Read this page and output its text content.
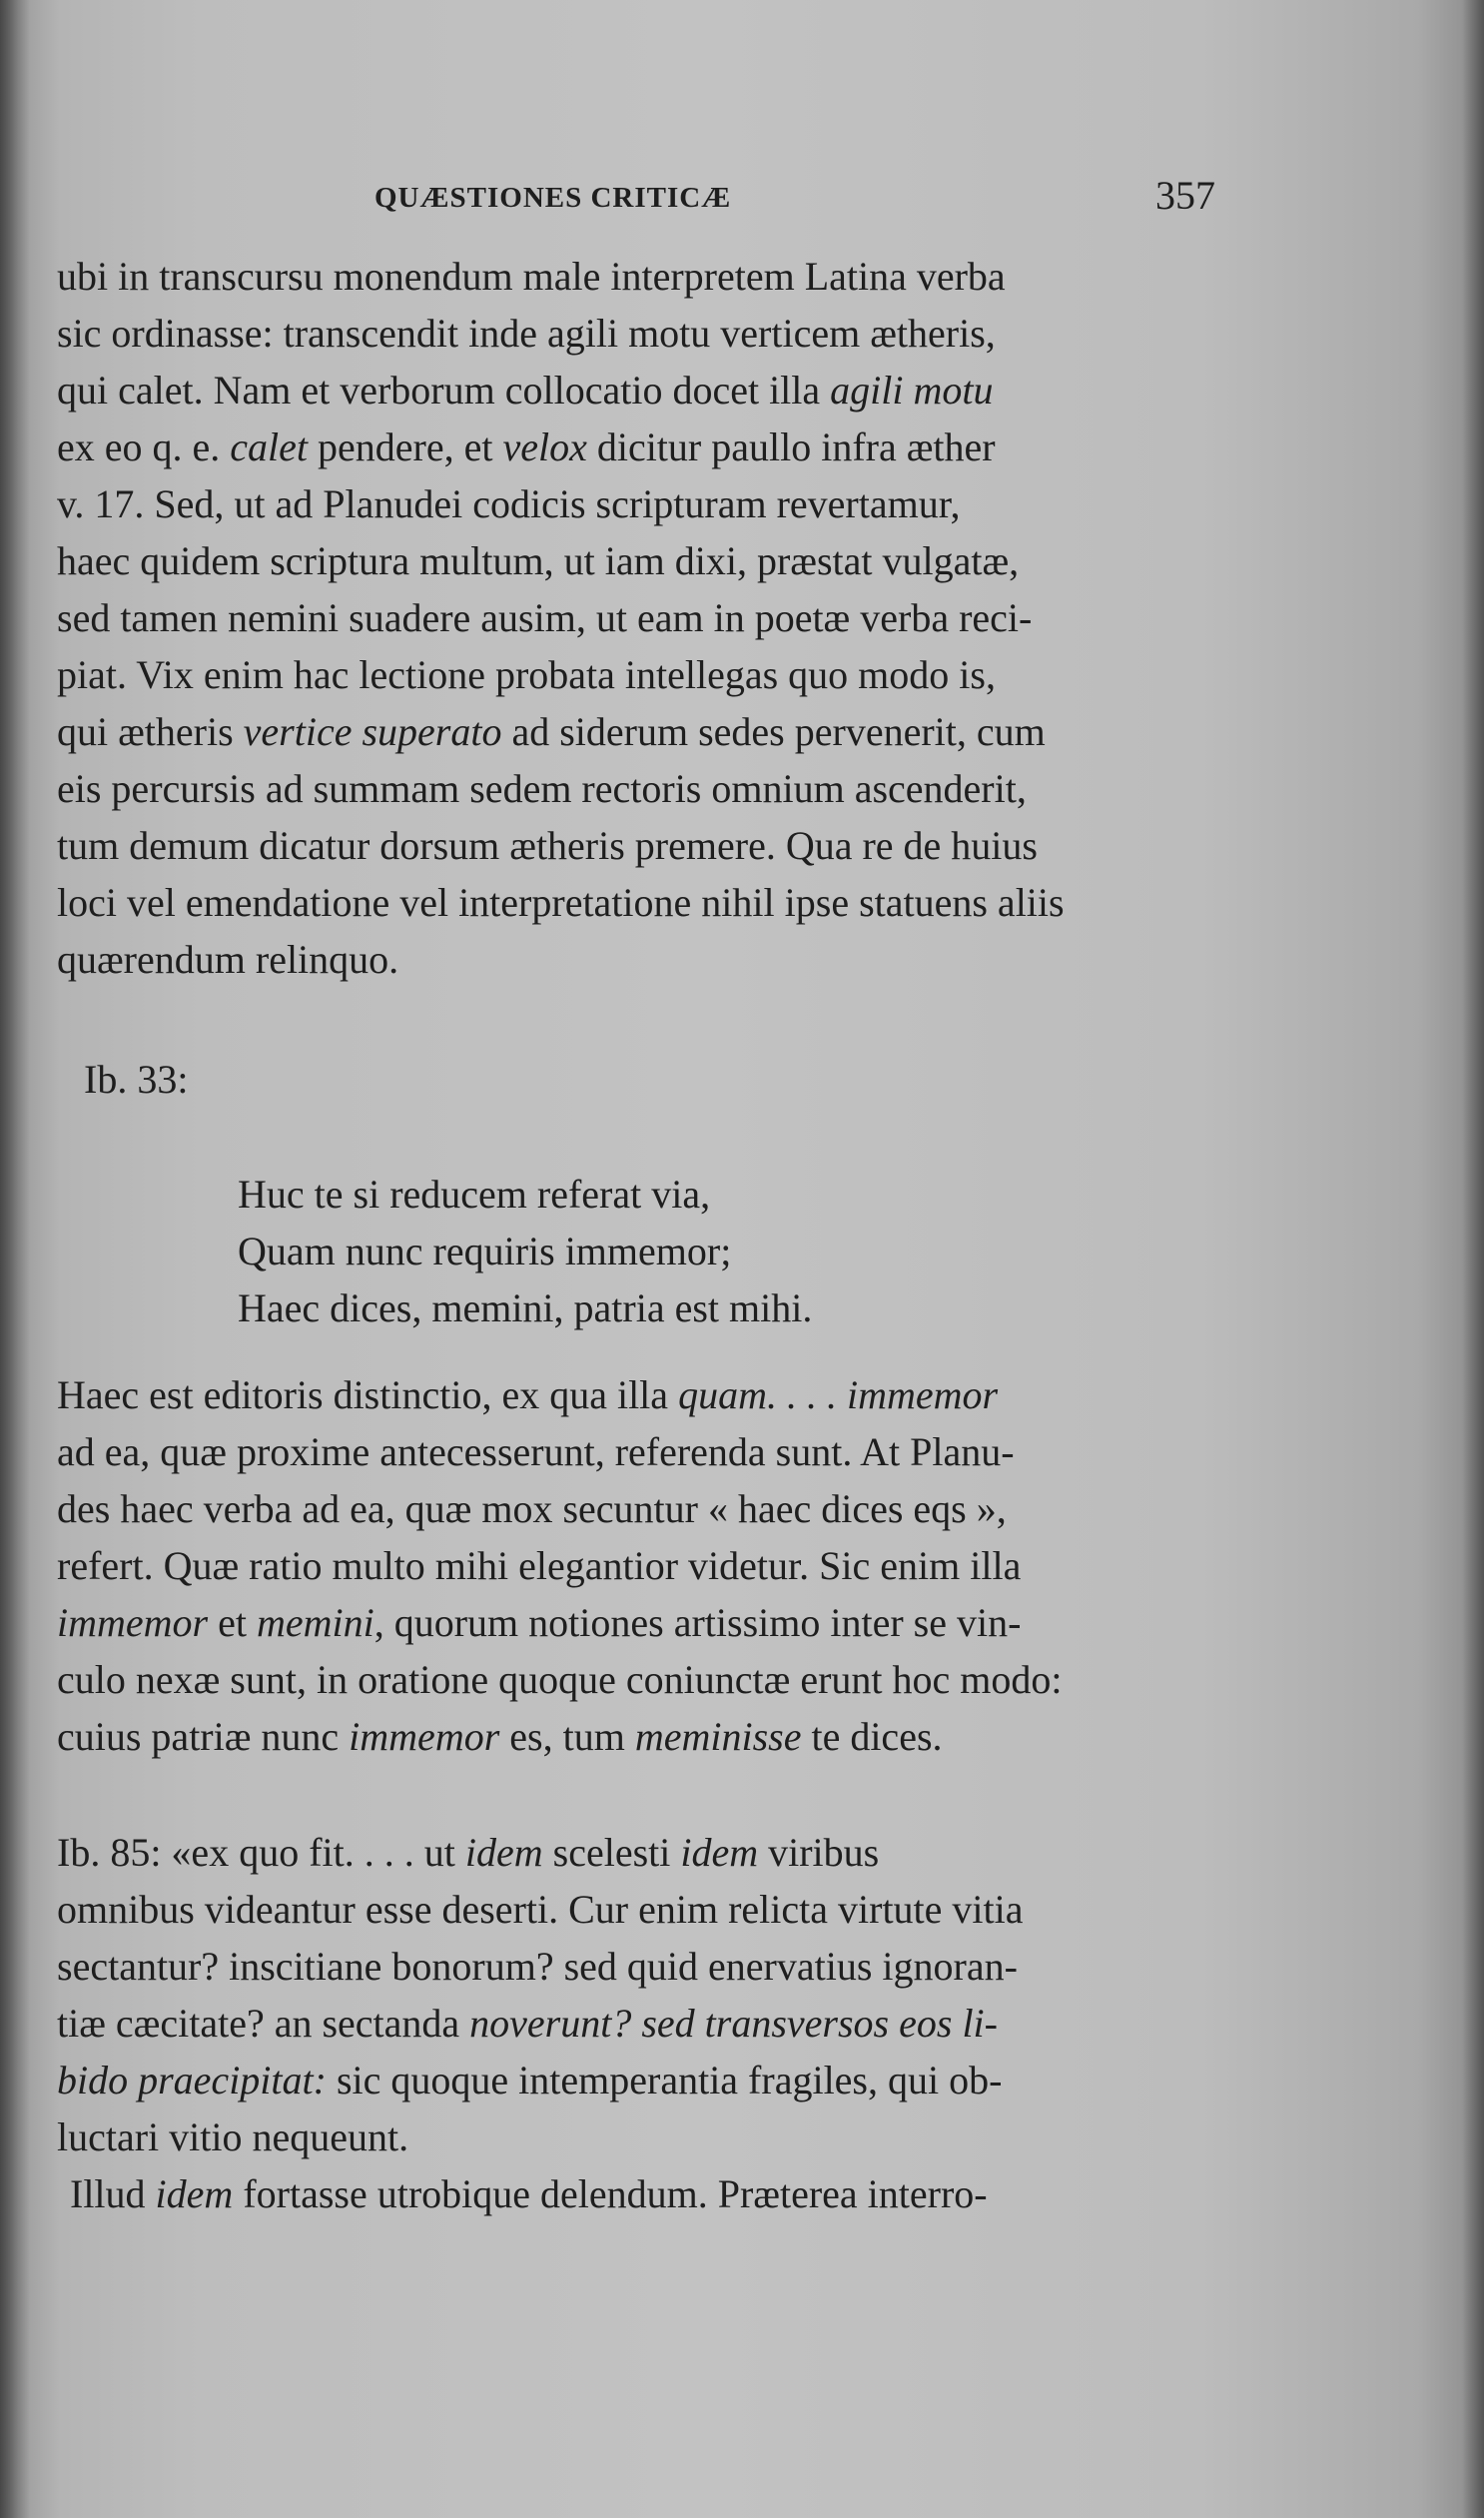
QUÆSTIONES CRITICÆ	357
ubi in transcursu monendum male interpretem Latina verba
sic ordinasse: transcendit inde agili motu verticem ætheris,
qui calet. Nam et verborum collocatio docet illa agili motu
ex eo q. e. calet pendere, et velox dicitur paullo infra æther
v. 17. Sed, ut ad Planudei codicis scripturam revertamur,
haec quidem scriptura multum, ut iam dixi, præstat vulgatæ,
sed tamen nemini suadere ausim, ut eam in poetæ verba reci-
piat. Vix enim hac lectione probata intellegas quo modo is,
qui ætheris vertice superato ad siderum sedes pervenerit, cum
eis percursis ad summam sedem rectoris omnium ascenderit,
tum demum dicatur dorsum ætheris premere. Qua re de huius
loci vel emendatione vel interpretatione nihil ipse statuens aliis
quærendum relinquo.
Ib. 33:
Huc te si reducem referat via,
Quam nunc requiris immemor;
Haec dices, memini, patria est mihi.
Haec est editoris distinctio, ex qua illa quam. . . . immemor
ad ea, quæ proxime antecesserunt, referenda sunt. At Planu-
des haec verba ad ea, quæ mox secuntur « haec dices eqs »,
refert. Quæ ratio multo mihi elegantior videtur. Sic enim illa
immemor et memini, quorum notiones artissimo inter se vin-
culo nexæ sunt, in oratione quoque coniunctæ erunt hoc modo:
cuius patriæ nunc immemor es, tum meminisse te dices.
Ib. 85: «ex quo fit. . . . ut idem scelesti idem viribus
omnibus videantur esse deserti. Cur enim relicta virtute vitia
sectantur? inscitiane bonorum? sed quid enervatius ignoran-
tiæ cæcitate? an sectanda noverunt? sed transversos eos li-
bido praecipitat: sic quoque intemperantia fragiles, qui ob-
luctari vitio nequeunt.
Illud idem fortasse utrobique delendum. Præterea interro-
